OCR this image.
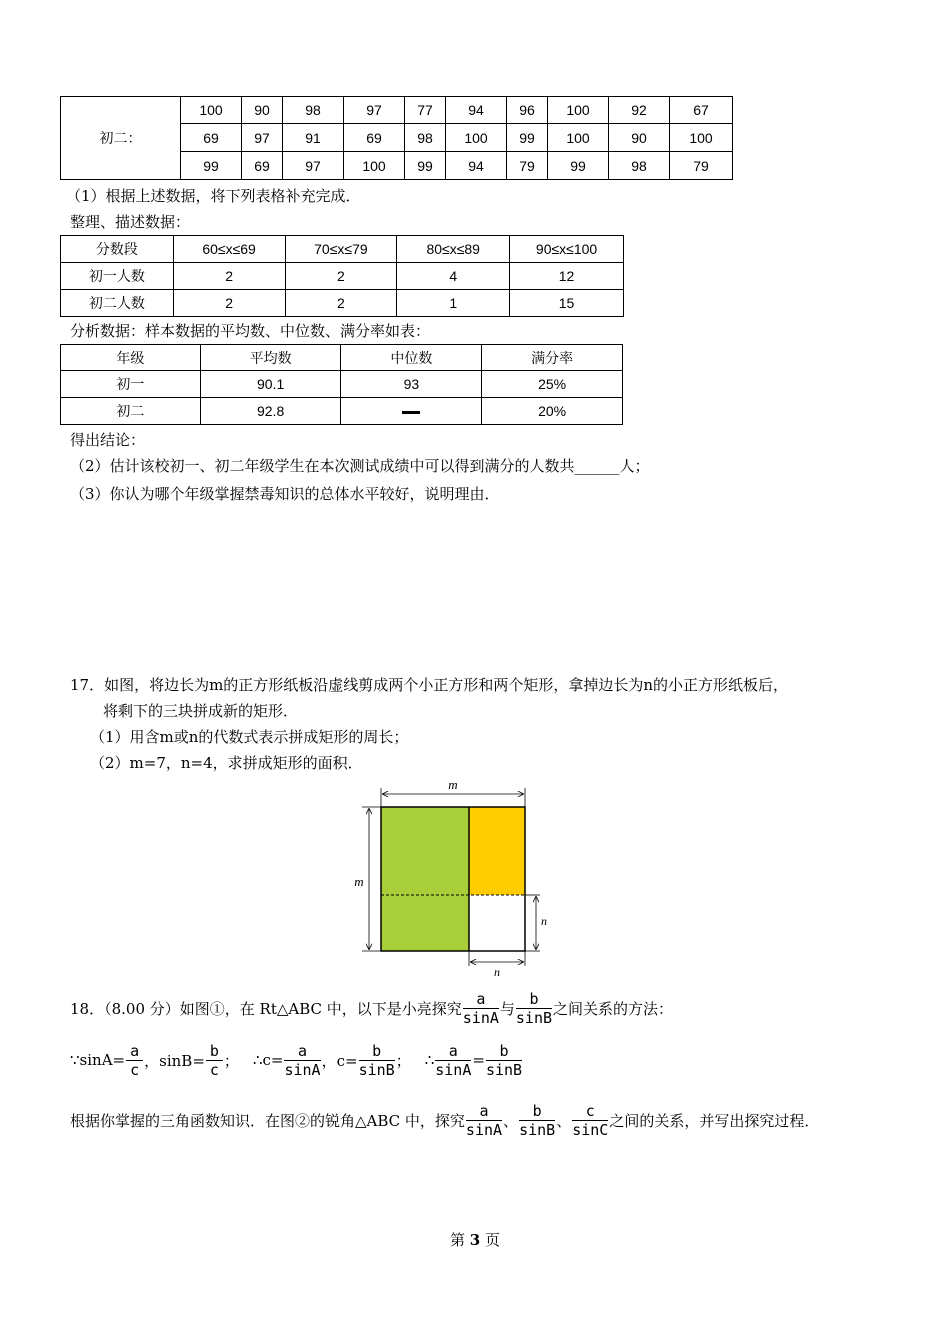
初二：	100	90	98	97	77	94	96	100	92	67
	69	97	91	69	98	100	99	100	90	100
	99	69	97	100	99	94	79	99	98	79
（1）根据上述数据，将下列表格补充完成．
整理、描述数据：
分数段	60≤x≤69	70≤x≤79	80≤x≤89	90≤x≤100
初一人数	2	2	4	12
初二人数	2	2	1	15
分析数据：样本数据的平均数、中位数、满分率如表：
年级	平均数	中位数	满分率
初一	90.1	93	25%
初二	92.8		20%
得出结论：
（2）估计该校初一、初二年级学生在本次测试成绩中可以得到满分的人数共______人；
（3）你认为哪个年级掌握禁毒知识的总体水平较好，说明理由．
17．如图，将边长为m的正方形纸板沿虚线剪成两个小正方形和两个矩形，拿掉边长为n的小正方形纸板后，
将剩下的三块拼成新的矩形．
（1）用含m或n的代数式表示拼成矩形的周长；
（2）m=7，n=4，求拼成矩形的面积．
m
m
n
n
18．（8.00 分）如图①，在 Rt△ABC 中，以下是小亮探究 $\frac{a}{\sin A}$ 与 $\frac{b}{\sin B}$ 之间关系的方法：
∵sinA= $\frac{a}{c}$ ，$\sin B= \frac{b}{c}$ ； ∴c= $\frac{a}{\sin A}$ ，$c= \frac{b}{\sin B}$ ； ∴ $\frac{a}{\sin A} = \frac{b}{\sin B}$
根据你掌握的三角函数知识．在图②的锐角△ABC 中，探究 $\frac{a}{\sin A}$ 、 $\frac{b}{\sin B}$ 、 $\frac{c}{\sin C}$ 之间的关系，并写出探究过程．
第 3 页
